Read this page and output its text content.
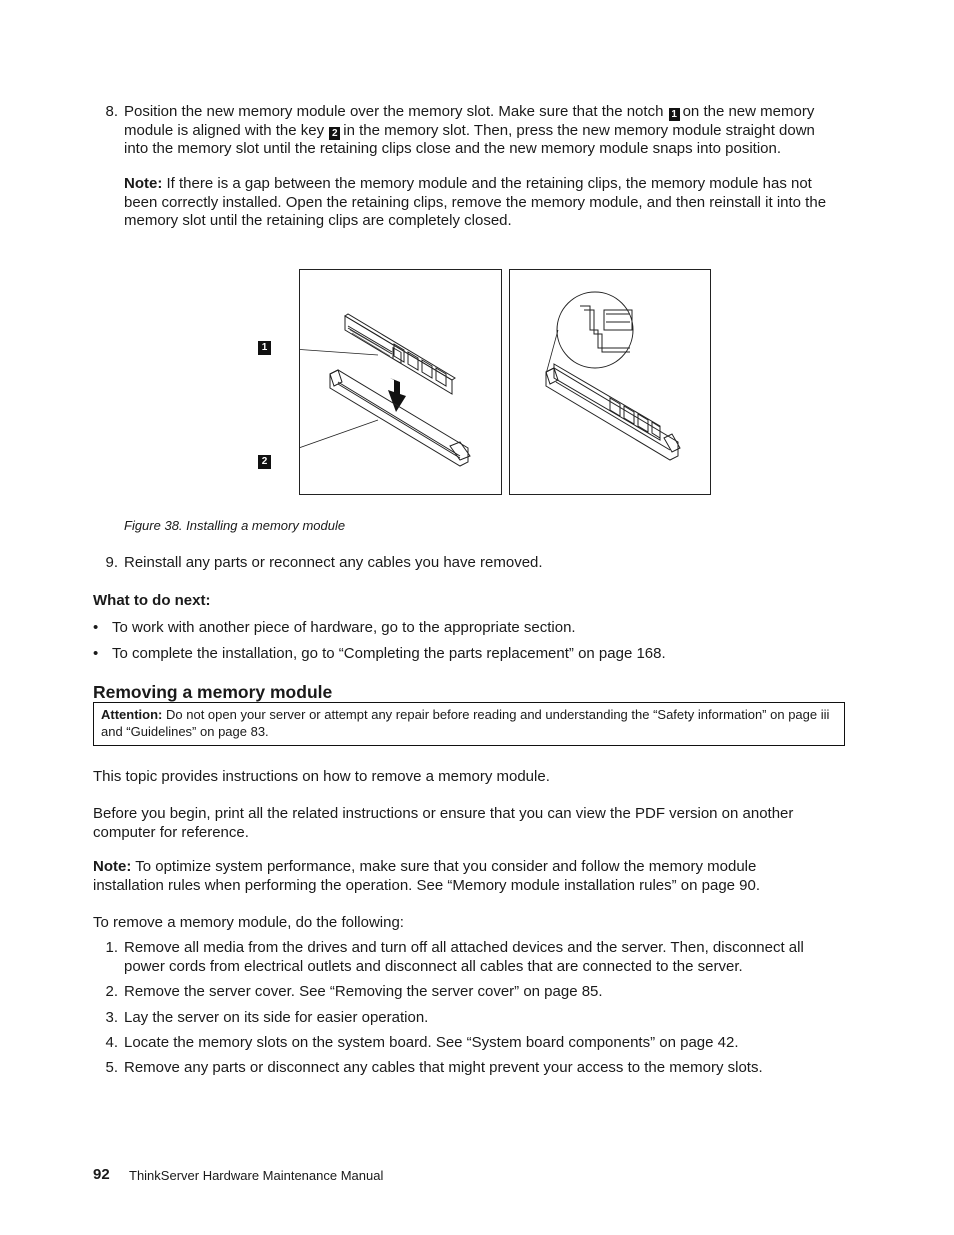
8. Position the new memory module over the memory slot. Make sure that the notch 1 on the new memory
module is aligned with the key 2 in the memory slot. Then, press the new memory module straight down
into the memory slot until the retaining clips close and the new memory module snaps into position.
Note: If there is a gap between the memory module and the retaining clips, the memory module has not been correctly installed. Open the retaining clips, remove the memory module, and then reinstall it into the memory slot until the retaining clips are completely closed.
1
2
Figure 38. Installing a memory module
9. Reinstall any parts or reconnect any cables you have removed.
What to do next:
• To work with another piece of hardware, go to the appropriate section.
• To complete the installation, go to “Completing the parts replacement” on page 168.
Removing a memory module
Attention: Do not open your server or attempt any repair before reading and understanding the “Safety information” on page iii and “Guidelines” on page 83.
This topic provides instructions on how to remove a memory module.
Before you begin, print all the related instructions or ensure that you can view the PDF version on another computer for reference.
Note: To optimize system performance, make sure that you consider and follow the memory module installation rules when performing the operation. See “Memory module installation rules” on page 90.
To remove a memory module, do the following:
1. Remove all media from the drives and turn off all attached devices and the server. Then, disconnect all power cords from electrical outlets and disconnect all cables that are connected to the server.
2. Remove the server cover. See “Removing the server cover” on page 85.
3. Lay the server on its side for easier operation.
4. Locate the memory slots on the system board. See “System board components” on page 42.
5. Remove any parts or disconnect any cables that might prevent your access to the memory slots.
92 ThinkServer Hardware Maintenance Manual
